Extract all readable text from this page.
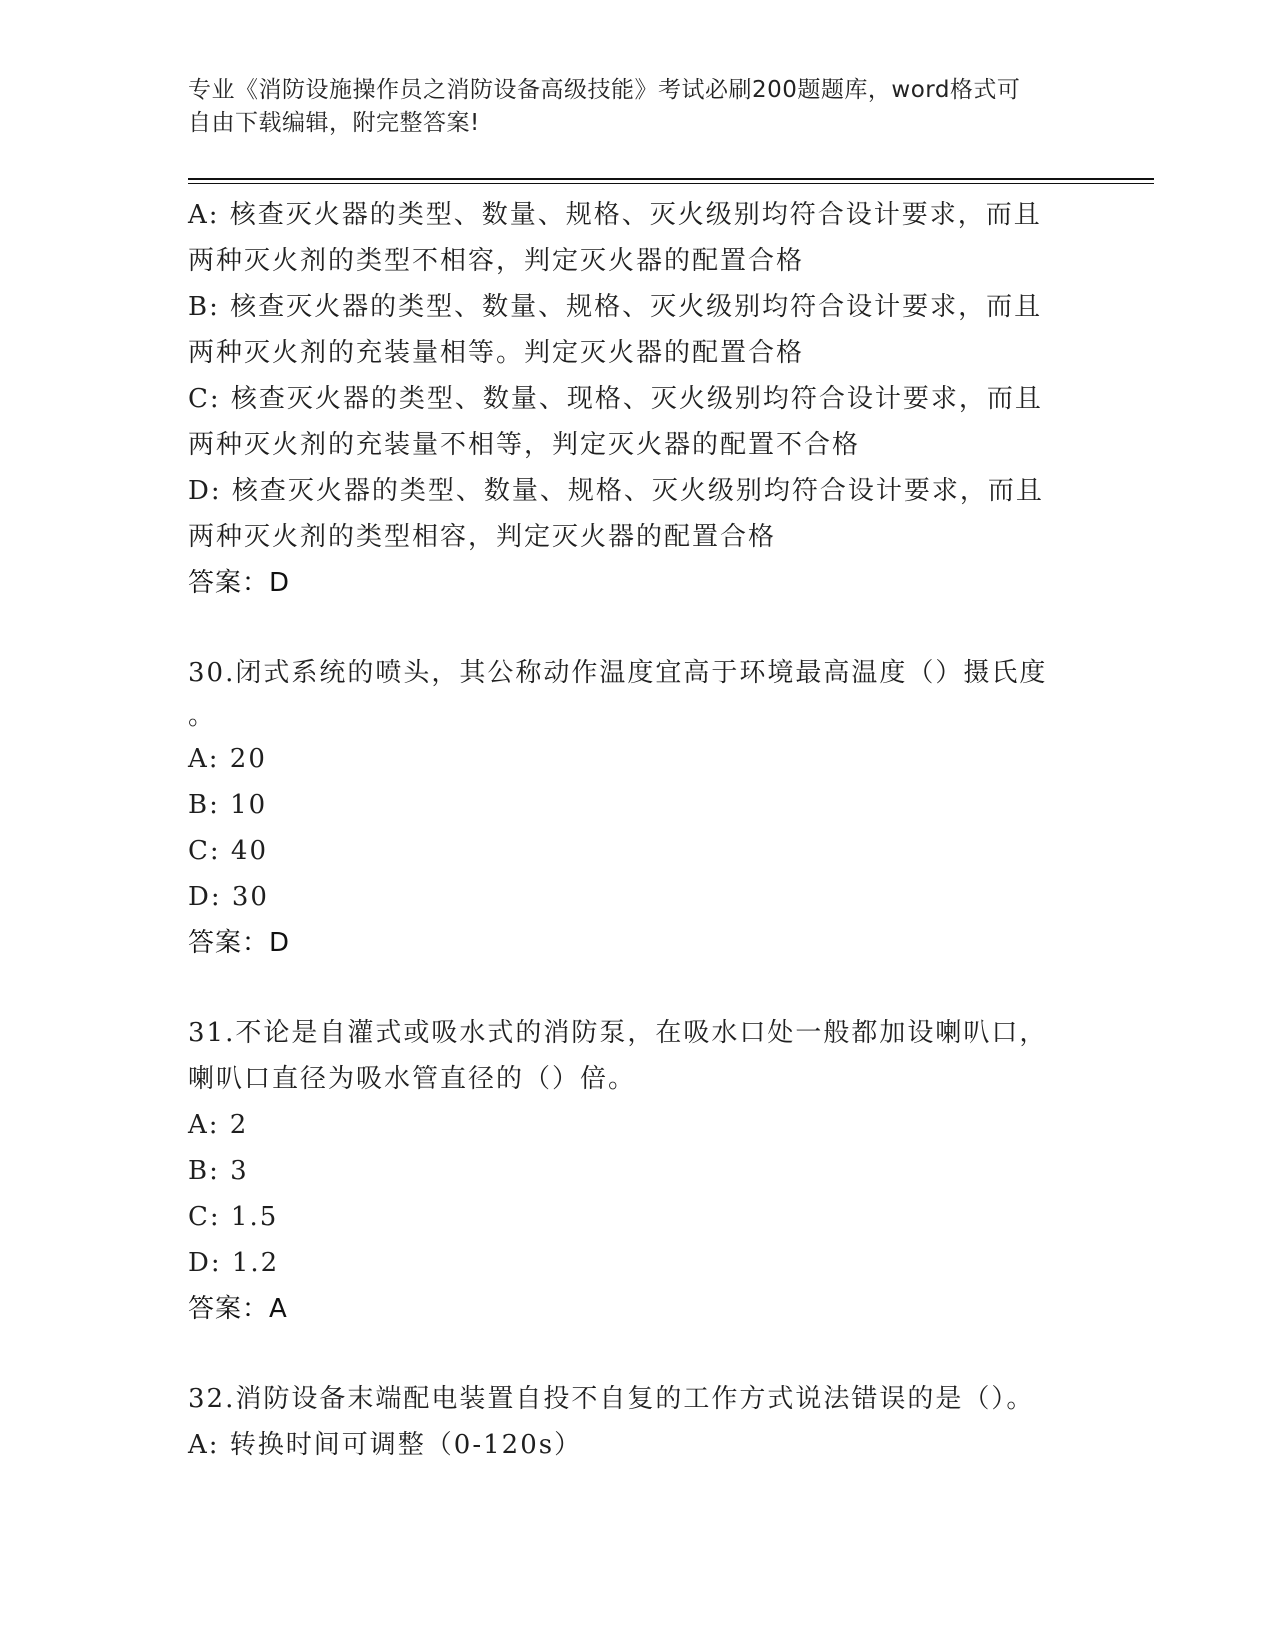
专业《消防设施操作员之消防设备高级技能》考试必刷200题题库，word格式可
自由下载编辑，附完整答案!
A: 核查灭火器的类型、数量、规格、灭火级别均符合设计要求，而且
两种灭火剂的类型不相容，判定灭火器的配置合格
B: 核查灭火器的类型、数量、规格、灭火级别均符合设计要求，而且
两种灭火剂的充装量相等。判定灭火器的配置合格
C: 核查灭火器的类型、数量、现格、灭火级别均符合设计要求，而且
两种灭火剂的充装量不相等，判定灭火器的配置不合格
D: 核查灭火器的类型、数量、规格、灭火级别均符合设计要求，而且
两种灭火剂的类型相容，判定灭火器的配置合格
答案：D
30.闭式系统的喷头，其公称动作温度宜高于环境最高温度（）摄氏度
。
A: 20
B: 10
C: 40
D: 30
答案：D
31.不论是自灌式或吸水式的消防泵，在吸水口处一般都加设喇叭口，
喇叭口直径为吸水管直径的（）倍。
A: 2
B: 3
C: 1.5
D: 1.2
答案：A
32.消防设备末端配电装置自投不自复的工作方式说法错误的是（）。
A: 转换时间可调整（0-120s）
